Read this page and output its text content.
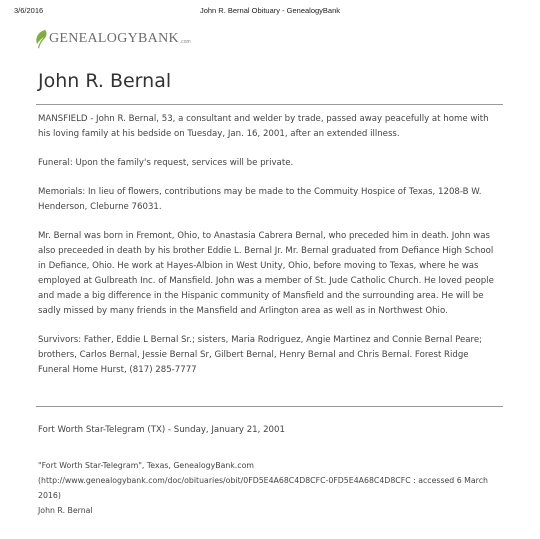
3/6/2016	John R. Bernal Obituary - GenealogyBank
GENEALOGYBANK .com
John R. Bernal

MANSFIELD - John R. Bernal, 53, a consultant and welder by trade, passed away peacefully at home with his loving family at his bedside on Tuesday, Jan. 16, 2001, after an extended illness.

Funeral: Upon the family's request, services will be private.

Memorials: In lieu of flowers, contributions may be made to the Commuity Hospice of Texas, 1208-B W. Henderson, Cleburne 76031.

Mr. Bernal was born in Fremont, Ohio, to Anastasia Cabrera Bernal, who preceded him in death. John was also preceeded in death by his brother Eddie L. Bernal Jr. Mr. Bernal graduated from Defiance High School in Defiance, Ohio. He work at Hayes-Albion in West Unity, Ohio, before moving to Texas, where he was employed at Gulbreath Inc. of Mansfield. John was a member of St. Jude Catholic Church. He loved people and made a big difference in the Hispanic community of Mansfield and the surrounding area. He will be sadly missed by many friends in the Mansfield and Arlington area as well as in Northwest Ohio.

Survivors: Father, Eddie L Bernal Sr.; sisters, Maria Rodriguez, Angie Martinez and Connie Bernal Peare; brothers, Carlos Bernal, Jessie Bernal Sr, Gilbert Bernal, Henry Bernal and Chris Bernal. Forest Ridge Funeral Home Hurst, (817) 285-7777

Fort Worth Star-Telegram (TX) - Sunday, January 21, 2001
"Fort Worth Star-Telegram", Texas, GenealogyBank.com
(http://www.genealogybank.com/doc/obituaries/obit/0FD5E4A68C4D8CFC-0FD5E4A68C4D8CFC : accessed 6 March
2016)
John R. Bernal
